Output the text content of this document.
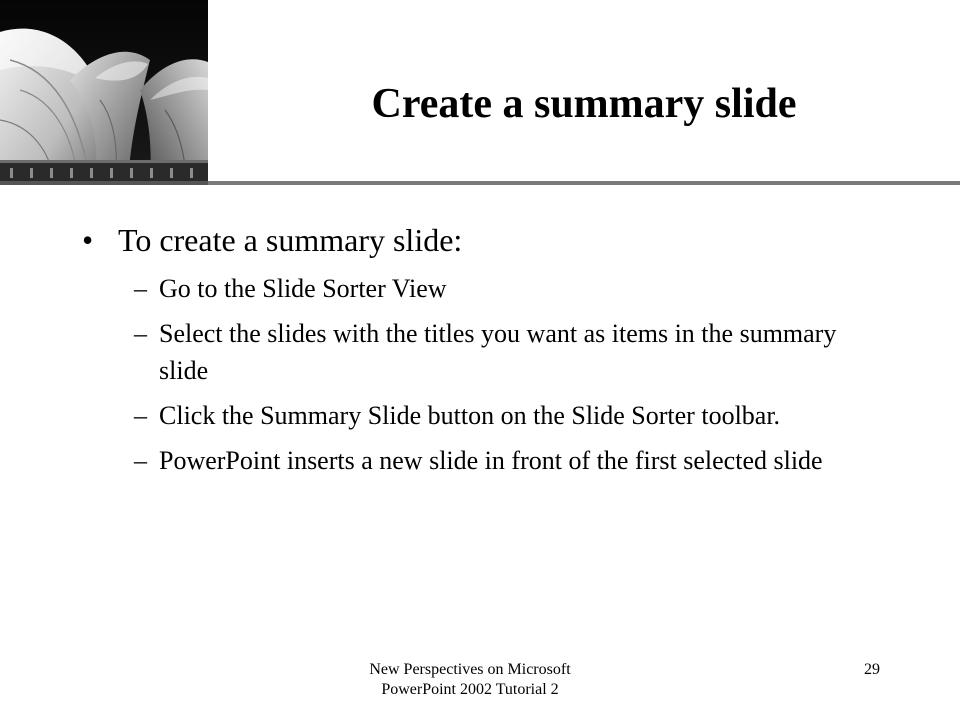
Create a summary slide
• To create a summary slide:
– Go to the Slide Sorter View
– Select the slides with the titles you want as items in the summary slide
– Click the Summary Slide button on the Slide Sorter toolbar.
– PowerPoint inserts a new slide in front of the first selected slide
New Perspectives on Microsoft
PowerPoint 2002 Tutorial 2
29
